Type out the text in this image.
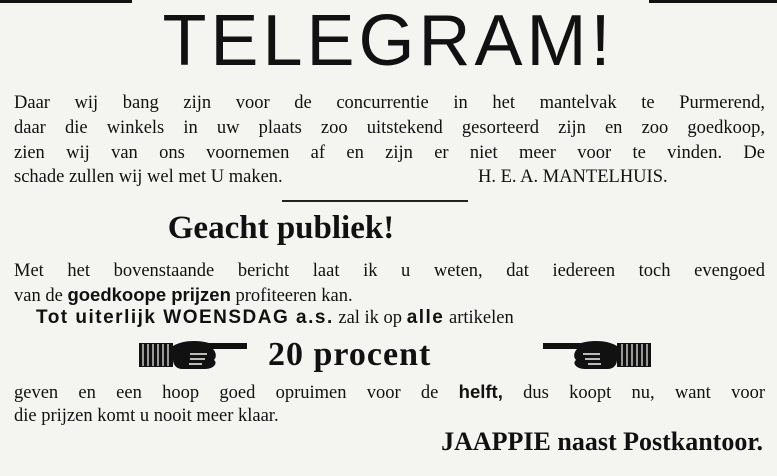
TELEGRAM!
Daar wij bang zijn voor de concurrentie in het mantelvak te Purmerend,
daar die winkels in uw plaats zoo uitstekend gesorteerd zijn en zoo goedkoop,
zien wij van ons voornemen af en zijn er niet meer voor te vinden. De
schade zullen wij wel met U maken.	H. E. A. MANTELHUIS.
Geacht publiek!
Met het bovenstaande bericht laat ik u weten, dat iedereen toch evengoed
van de goedkoope prijzen profiteeren kan.
Tot uiterlijk WOENSDAG a.s. zal ik op alle artikelen
20 procent
geven en een hoop goed opruimen voor de helft, dus koopt nu, want voor
die prijzen komt u nooit meer klaar.
JAAPPIE naast Postkantoor.
